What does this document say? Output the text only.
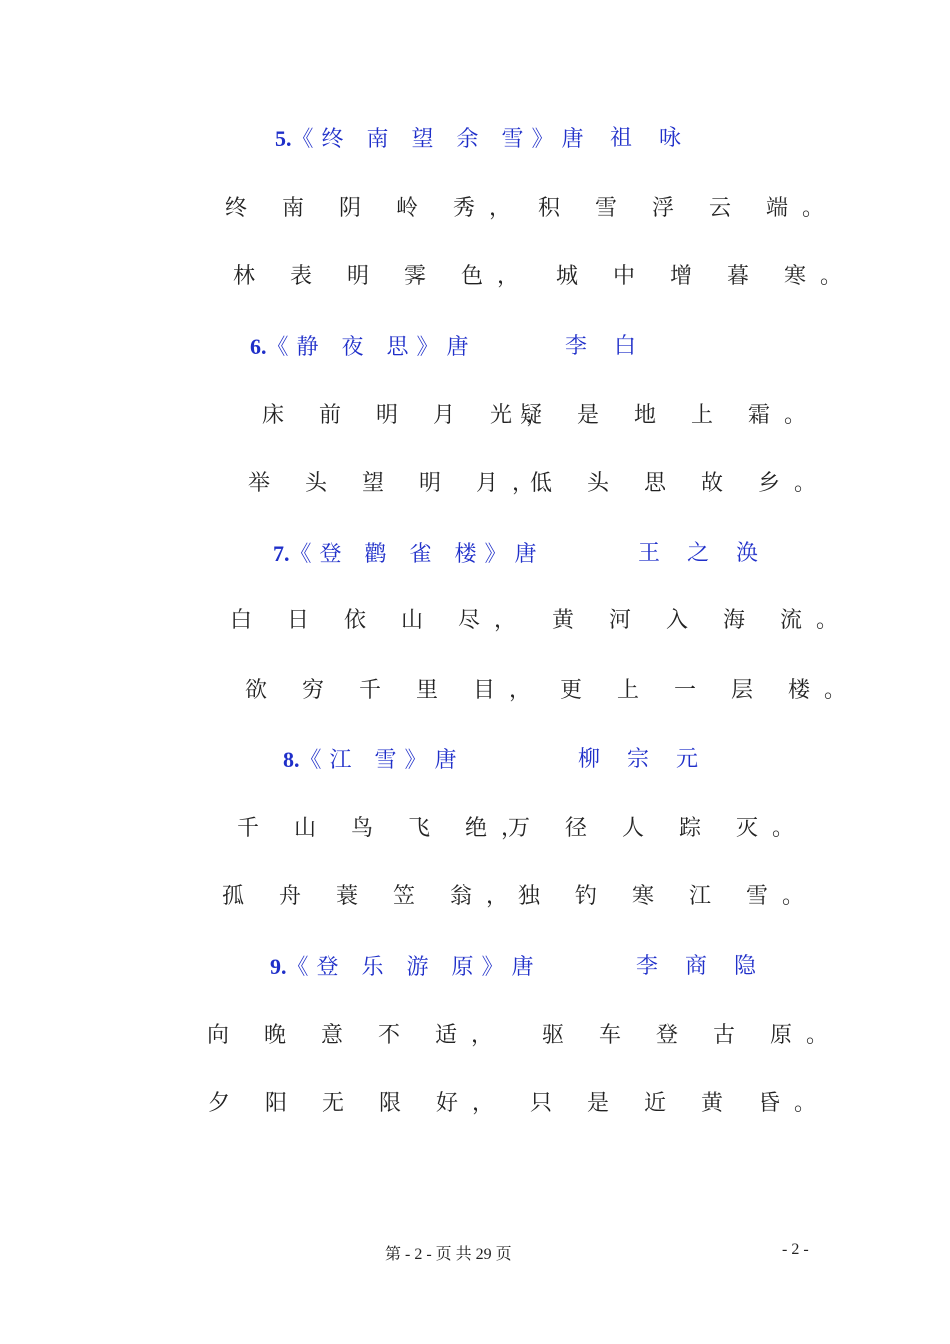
5.《终 南 望 余 雪》唐 祖 咏
终 南 阴 岭 秀， 积 雪 浮 云 端。
林 表 明 霁 色， 城 中 增 暮 寒。
6.《静 夜 思》唐	李 白
床 前 明 月 光，
疑 是 地 上 霜。
举 头 望 明 月，
低 头 思 故 乡。
7.《登 鹳 雀 楼》唐	王 之 涣
白 日 依 山 尽， 黄 河 入 海 流。
欲 穷 千 里 目， 更 上 一 层 楼。
8.《江 雪》唐	柳 宗 元
千 山 鸟 飞 绝，
万 径 人 踪 灭。
孤 舟 蓑 笠 翁，
独 钓 寒 江 雪。
9.《登 乐 游 原》唐	李 商 隐
向 晚 意 不 适， 驱 车 登 古 原。
夕 阳 无 限 好， 只 是 近 黄 昏。
第 - 2 - 页 共 29 页	- 2 -
